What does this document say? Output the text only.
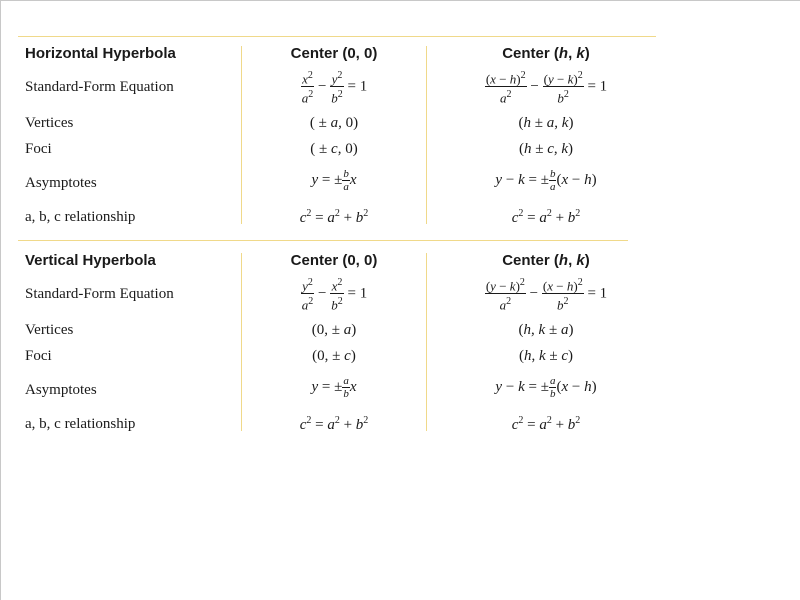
Horizontal Hyperbola	Center (0, 0)	Center (h, k)
Standard-Form Equation	$\frac{x^2}{a^2} - \frac{y^2}{b^2} = 1$	$\frac{(x - h)^2}{a^2} - \frac{(y - k)^2}{b^2} = 1$
Vertices	( ± a, 0)	(h ± a, k)
Foci	( ± c, 0)	(h ± c, k)
Asymptotes	y = ± $\frac{b}{a}$ x	y − k = ± $\frac{b}{a} (x - h)$
a, b, c relationship	$c^2 = a^2 + b^2$	$c^2 = a^2 + b^2$
Vertical Hyperbola	Center (0, 0)	Center (h, k)
Standard-Form Equation	$\frac{y^2}{a^2} - \frac{x^2}{b^2} = 1$	$\frac{(y - k)^2}{a^2} - \frac{(x - h)^2}{b^2} = 1$
Vertices	(0, ± a)	(h, k ± a)
Foci	(0, ± c)	(h, k ± c)
Asymptotes	y = ± $\frac{a}{b}$ x	y − k = ± $\frac{a}{b} (x - h)$
a, b, c relationship	$c^2 = a^2 + b^2$	$c^2 = a^2 + b^2$
